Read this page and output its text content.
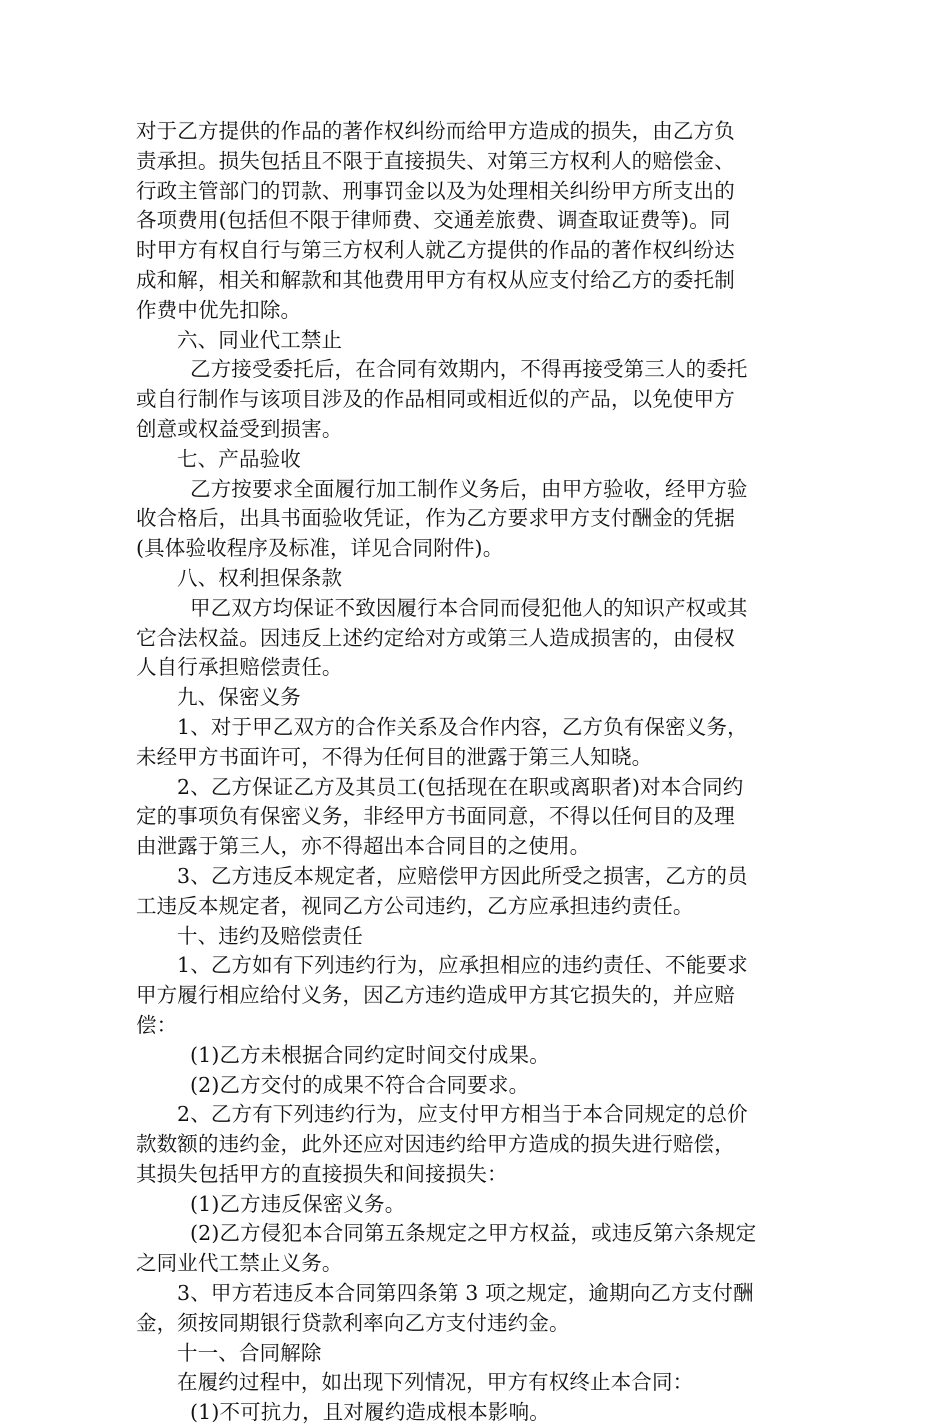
对于乙方提供的作品的著作权纠纷而给甲方造成的损失，由乙方负
责承担。损失包括且不限于直接损失、对第三方权利人的赔偿金、
行政主管部门的罚款、刑事罚金以及为处理相关纠纷甲方所支出的
各项费用(包括但不限于律师费、交通差旅费、调查取证费等)。同
时甲方有权自行与第三方权利人就乙方提供的作品的著作权纠纷达
成和解，相关和解款和其他费用甲方有权从应支付给乙方的委托制
作费中优先扣除。
六、同业代工禁止
乙方接受委托后，在合同有效期内，不得再接受第三人的委托
或自行制作与该项目涉及的作品相同或相近似的产品，以免使甲方
创意或权益受到损害。
七、产品验收
乙方按要求全面履行加工制作义务后，由甲方验收，经甲方验
收合格后，出具书面验收凭证，作为乙方要求甲方支付酬金的凭据
(具体验收程序及标准，详见合同附件)。
八、权利担保条款
甲乙双方均保证不致因履行本合同而侵犯他人的知识产权或其
它合法权益。因违反上述约定给对方或第三人造成损害的，由侵权
人自行承担赔偿责任。
九、保密义务
1、对于甲乙双方的合作关系及合作内容，乙方负有保密义务，
未经甲方书面许可，不得为任何目的泄露于第三人知晓。
2、乙方保证乙方及其员工(包括现在在职或离职者)对本合同约
定的事项负有保密义务，非经甲方书面同意，不得以任何目的及理
由泄露于第三人，亦不得超出本合同目的之使用。
3、乙方违反本规定者，应赔偿甲方因此所受之损害，乙方的员
工违反本规定者，视同乙方公司违约，乙方应承担违约责任。
十、违约及赔偿责任
1、乙方如有下列违约行为，应承担相应的违约责任、不能要求
甲方履行相应给付义务，因乙方违约造成甲方其它损失的，并应赔
偿：
(1)乙方未根据合同约定时间交付成果。
(2)乙方交付的成果不符合合同要求。
2、乙方有下列违约行为，应支付甲方相当于本合同规定的总价
款数额的违约金，此外还应对因违约给甲方造成的损失进行赔偿，
其损失包括甲方的直接损失和间接损失：
(1)乙方违反保密义务。
(2)乙方侵犯本合同第五条规定之甲方权益，或违反第六条规定
之同业代工禁止义务。
3、甲方若违反本合同第四条第 3 项之规定，逾期向乙方支付酬
金，须按同期银行贷款利率向乙方支付违约金。
十一、合同解除
在履约过程中，如出现下列情况，甲方有权终止本合同：
(1)不可抗力，且对履约造成根本影响。
